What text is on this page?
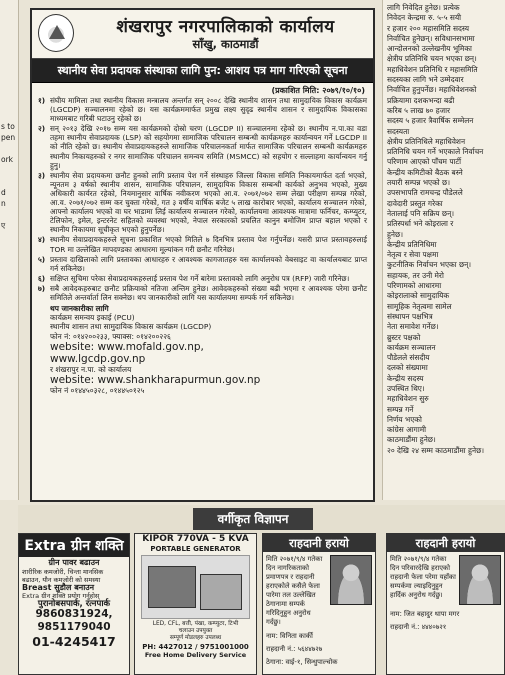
s to
pen
ork
d
n
ए
शंखरापुर नगरपालिकाको कार्यालय
साँखु, काठमाडौं
स्थानीय सेवा प्रदायक संस्थाका लागि पुन: आशय पत्र माग गरिएको सूचना
(प्रकाशित मिति: २०७९/१०/१०)
१) संघीय मामिला तथा स्थानीय विकास मन्त्रालय अन्तर्गत सन् २००८ देखि स्थानीय शासन तथा सामुदायिक विकास कार्यक्रम (LGCDP) सञ्चालनमा रहेको छ। यस कार्यक्रममार्फत प्रमुख लक्ष्य सुदृढ स्थानीय शासन र सामुदायिक विकासका माध्यमबाट गरिबी घटाउनु रहेको छ।
२) सन् २०१३ देखि २०१७ सम्म यस कार्यक्रमको दोस्रो चरण (LGCDP II) सञ्चालनमा रहेको छ। स्थानीय न.पा.का वडा तहमा स्थानीय सेवाप्रदायक (LSP) को सहयोगमा सामाजिक परिचालन सम्बन्धी कार्यक्रमहरु कार्यान्वयन गर्ने LGCDP II को नीति रहेको छ। स्थानीय सेवाप्रदायकहरुले सामाजिक परिचालनकर्ता मार्फत सामाजिक परिचालन सम्बन्धी कार्यक्रमहरु स्थानीय निकायहरुको र नगर सामाजिक परिचालन समन्वय समिति (MSMCC) को सहयोग र सल्लाहमा कार्यान्वयन गर्नु हुनु।
३) स्थानीय सेवा प्रदायकमा छनौट हुनको लागि प्रस्ताव पेश गर्ने संस्थाहरु जिल्ला विकास समिति निकायमार्फत दर्ता भएको, न्यूनतम ३ वर्षको स्थानीय शासन, सामाजिक परिचालन, सामुदायिक विकास सम्बन्धी कार्यको अनुभव भएको, मुख्य अधिकारी कार्यरत रहेको, नियमानुसार वार्षिक नवीकरण भएको आ.व. २०७१/०७२ सम्म लेखा परीक्षण सम्पन्न गरेको, आ.व. २०७१/०७२ सम्म कर चुक्ता गरेको, गत ३ वर्षीय वार्षिक बजेट ५ लाख कारोबार भएको, कार्यालय सञ्चालन गरेको, आफ्नो कार्यालय भएको वा घर भाडामा लिई कार्यालय सञ्चालन गरेको, कार्यालयमा आवश्यक मात्रामा फर्निचर, कम्प्युटर, टेलिफोन, इमेल, इन्टरनेट सहितको व्यवस्था भएको, नेपाल सरकारको प्रचलित कानुन बमोजिम प्राप्त बहाल भएको र स्थानीय निकायमा सूचीकृत भएको हुनुपर्नेछ।
४) स्थानीय सेवाप्रदायकहरुले सूचना प्रकाशित भएको मितिले ७ दिनभित्र प्रस्ताव पेश गर्नुपर्नेछ। यसरी प्राप्त प्रस्तावहरुलाई TOR मा उल्लेखित मापदण्डका आधारमा मूल्यांकन गरी छनौट गरिनेछ।
५) प्रस्ताव दाखिलाको लागि प्रस्तावका आधारहरु र आवश्यक कागजातहरु यस कार्यालयको वेबसाइट वा कार्यालयबाट प्राप्त गर्न सकिनेछ।
६) सक्षिप्त सूचिमा परेका सेवाप्रदायकहरुलाई प्रस्ताव पेश गर्ने बारेमा प्रस्तावको लागि अनुरोध पत्र (RFP) जारी गरिनेछ।
७) सबै आवेदकहरुबाट छनौट प्रक्रियाको नतिजा अन्तिम हुनेछ। आवेदकहरुको संख्या बढी भएमा र आवश्यक परेमा छनौट समितिले अन्तर्वार्ता लिन सक्नेछ। थप जानकारीको लागि यस कार्यालयमा सम्पर्क गर्न सकिनेछ।
थप जानकारीका लागि
कार्यक्रम समन्वय इकाई (PCU)
स्थानीय शासन तथा सामुदायिक विकास कार्यक्रम (LGCDP)
फोन नं: ०१४२००२३३, फ्याक्स: ०१४२००२२६
website: www.mofald.gov.np,
www.lgcdp.gov.np
र शंखरापुर न.पा. को कार्यालय
website: www.shankharapurmun.gov.np
फोन नं ०१४४५०३२८, ०१४४५०१२५
लागि निवेदित हुनेछ। प्रत्येक
निवेदन केन्द्रमा रु. ५-५ सयी
र हजार २०० महासमिति सदस्य
निर्वाचित हुनेछन्। सविधानसभामा
आन्दोलनको उल्लेखनीय भूमिका
क्षेत्रीय प्रतिनिधि चयन भएका छन्।
महाधिवेशन प्रतिनिधि र महासमिति
सदस्यका लागि भने उम्मेदवार
निर्वाचित हुनुपर्नेछ। महाधिवेशनको
प्रक्रियामा दशकभन्दा बढी
करिब ५ लाख ७० हजार
सदस्य ५ हजार त्रैवार्षिक सम्मेलन
सदस्यता
क्षेत्रीय प्रतिनिधिले महाधिवेशन
प्रतिनिधि चयन गर्ने भएकाले निर्वाचन
परिणाम आएको पाँचम पार्टी
केन्द्रीय कमिटीको बैठक बस्ने
तयारी सम्पन्न भएको छ।
उपसभापति रामचन्द्र पौडेलले
दावेदारी प्रस्तुत गरेका
नेतालाई पनि सक्रिय छन्।
प्रतिस्पर्धा भने कोइराला र
हुनेछ।
केन्द्रीय प्रतिनिधिमा
नेतृत्व र सेवा पक्षमा
कुटनीतिक निर्वाचन भएका छन्।
सहायक, तर उनी मेरो
परिणामको आधारमा
कोइरालाको सामुदायिक
सामूहिक नेतृत्वमा सामेल
संस्थापन पक्षभित्र
नेता समावेश गर्नेछ।
ब्रुस्टर पक्षको
कार्यक्रम सञ्चालन
पौडेलले संसदीय
दलको संख्यामा
केन्द्रीय सदस्य
उपस्थित थिए।
महाधिवेशन सुरु
सम्पन्न गर्ने
निर्णय भएको
कांग्रेस आगामी
काठमाडौंमा हुनेछ।
२० देखि २४ सम्म काठमाडौंमा हुनेछ।
वर्गीकृत विज्ञापन
Extra ग्रीन शक्ति
ग्रीन पावर बढाउन
शारीरिक कमजोरी, चिन्ता मानसिक
बढाउन, यौन कमजोरी को समस्या
Breast सुडौल बनाउन
Extra ग्रीन शक्ति प्रयोग गर्नुहोस्
पुरानोबसपार्क, रत्नपार्क
9860831924, 9851179040
01-4245417
KIPOR 770VA - 5 KVA
PORTABLE GENERATOR
LED, CFL, बत्ती, पंखा, कम्प्युटर, टिभी
चलाउन उपयुक्त
सम्पूर्ण मोडलहरु उपलब्ध
PH: 4427012 / 9751001000
Free Home Delivery Service
राहदानी हरायो
मिति २०७१/९/४ गतेका दिन नागरिकताको प्रमाणपत्र र राहदानी हराएकोले कसैले फेला पारेमा तल उल्लेखित ठेगानामा सम्पर्क गरिदिनुहुन अनुरोध गर्दछु।
नाम: विनिता कार्की
राहदानी नं.: ५६४४७२७
ठेगाना: वाई-१, सिन्धुपाल्चोक
राहदानी हरायो
मिति २०७१/९/४ गतेका दिन परिवारदेखि हराएको राहदानी फेला परेमा यहाँका सम्पर्कमा ल्याइदिनुहुन हार्दिक अनुरोध गर्दछु।
नाम: जित बहादुर थापा मगर
राहदानी नं.: ४४४०७२१
